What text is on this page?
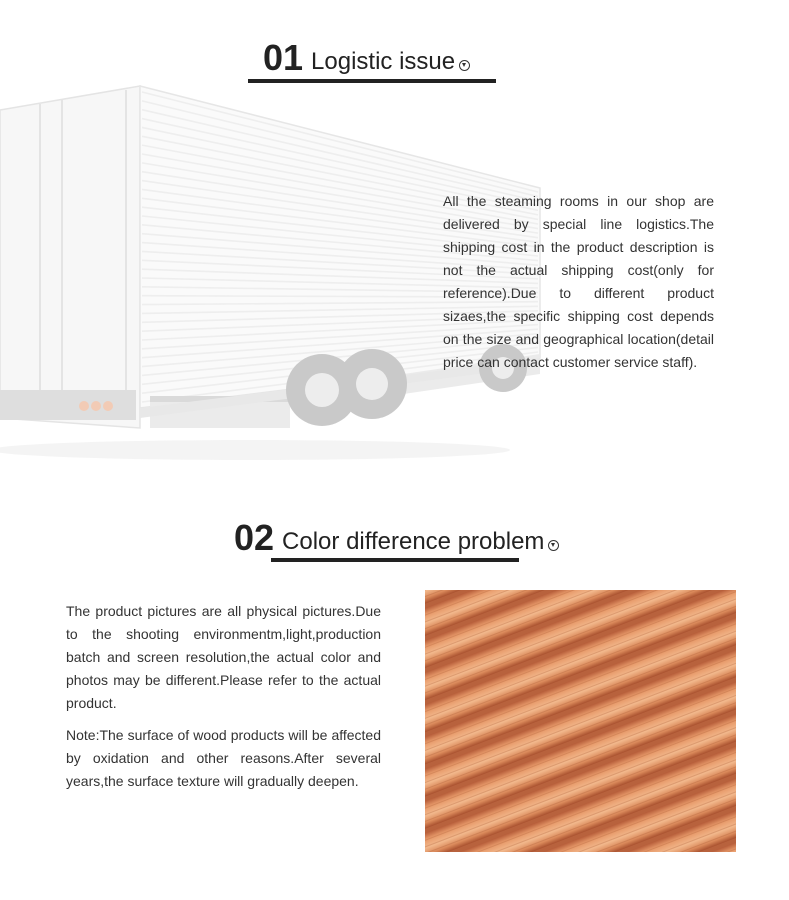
01 Logistic issue
All the steaming rooms in our shop are delivered by special line logistics.The shipping cost in the product description is not the actual shipping cost(only for reference).Due to different product sizaes,the specific shipping cost depends on the size and geographical location(detail price can contact customer service staff).
02 Color difference problem
The product pictures are all physical pictures.Due to the shooting environmentm,light,production batch and screen resolution,the actual color and photos may be different.Please refer to the actual product.
Note:The surface of wood products will be affected by oxidation and other reasons.After several years,the surface texture will gradually deepen.
